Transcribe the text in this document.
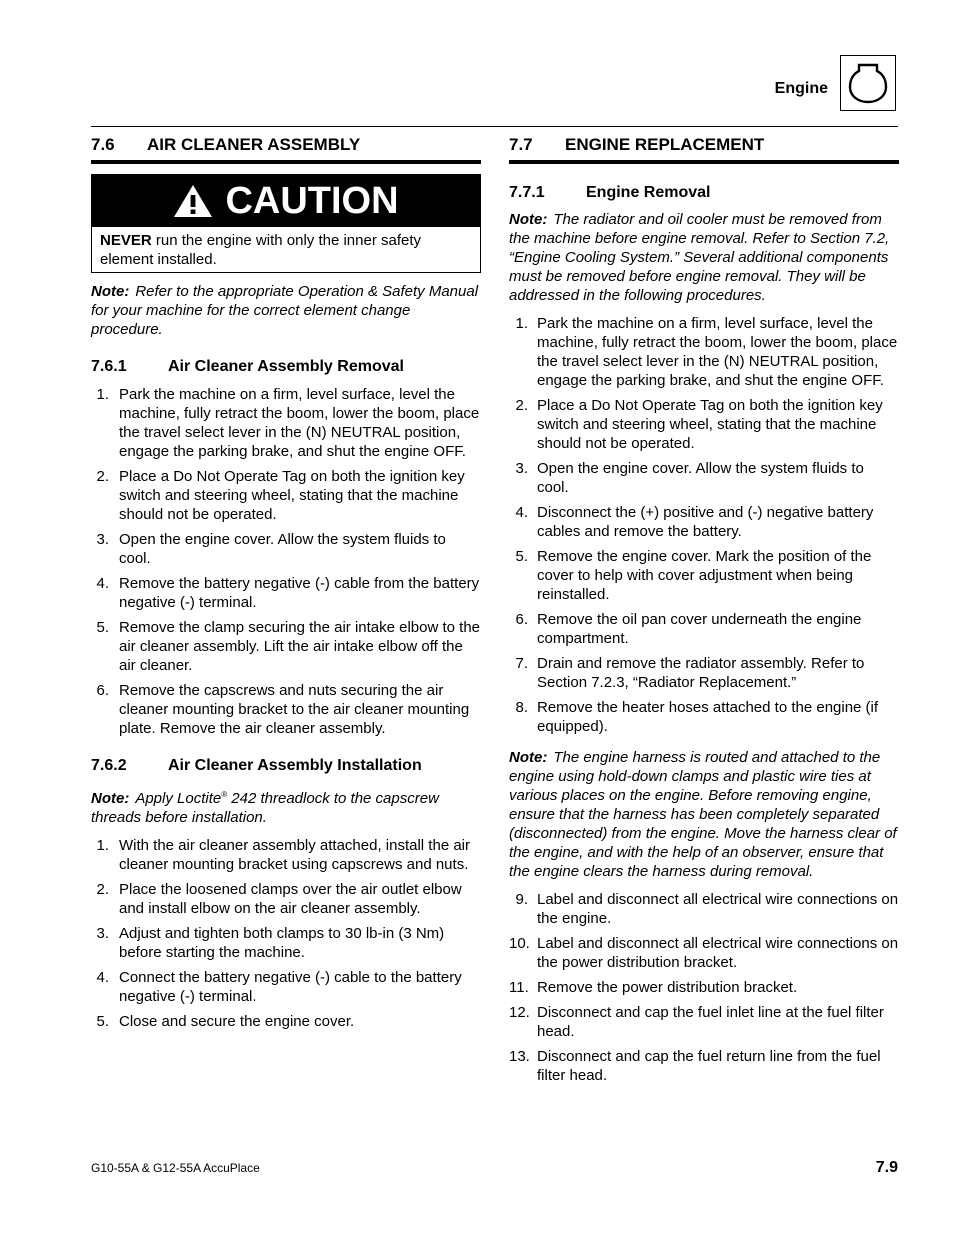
Engine
7.6 AIR CLEANER ASSEMBLY
CAUTION
NEVER run the engine with only the inner safety element installed.
Note: Refer to the appropriate Operation & Safety Manual for your machine for the correct element change procedure.
7.6.1	Air Cleaner Assembly Removal
1. Park the machine on a firm, level surface, level the machine, fully retract the boom, lower the boom, place the travel select lever in the (N) NEUTRAL position, engage the parking brake, and shut the engine OFF.
2. Place a Do Not Operate Tag on both the ignition key switch and steering wheel, stating that the machine should not be operated.
3. Open the engine cover. Allow the system fluids to cool.
4. Remove the battery negative (-) cable from the battery negative (-) terminal.
5. Remove the clamp securing the air intake elbow to the air cleaner assembly. Lift the air intake elbow off the air cleaner.
6. Remove the capscrews and nuts securing the air cleaner mounting bracket to the air cleaner mounting plate. Remove the air cleaner assembly.
7.6.2	Air Cleaner Assembly Installation
Note: Apply Loctite® 242 threadlock to the capscrew threads before installation.
1. With the air cleaner assembly attached, install the air cleaner mounting bracket using capscrews and nuts.
2. Place the loosened clamps over the air outlet elbow and install elbow on the air cleaner assembly.
3. Adjust and tighten both clamps to 30 lb-in (3 Nm) before starting the machine.
4. Connect the battery negative (-) cable to the battery negative (-) terminal.
5. Close and secure the engine cover.
7.7 ENGINE REPLACEMENT
7.7.1	Engine Removal
Note: The radiator and oil cooler must be removed from the machine before engine removal. Refer to Section 7.2, “Engine Cooling System.” Several additional components must be removed before engine removal. They will be addressed in the following procedures.
1. Park the machine on a firm, level surface, level the machine, fully retract the boom, lower the boom, place the travel select lever in the (N) NEUTRAL position, engage the parking brake, and shut the engine OFF.
2. Place a Do Not Operate Tag on both the ignition key switch and steering wheel, stating that the machine should not be operated.
3. Open the engine cover. Allow the system fluids to cool.
4. Disconnect the (+) positive and (-) negative battery cables and remove the battery.
5. Remove the engine cover. Mark the position of the cover to help with cover adjustment when being reinstalled.
6. Remove the oil pan cover underneath the engine compartment.
7. Drain and remove the radiator assembly. Refer to Section 7.2.3, “Radiator Replacement.”
8. Remove the heater hoses attached to the engine (if equipped).
Note: The engine harness is routed and attached to the engine using hold-down clamps and plastic wire ties at various places on the engine. Before removing engine, ensure that the harness has been completely separated (disconnected) from the engine. Move the harness clear of the engine, and with the help of an observer, ensure that the engine clears the harness during removal.
9. Label and disconnect all electrical wire connections on the engine.
10. Label and disconnect all electrical wire connections on the power distribution bracket.
11. Remove the power distribution bracket.
12. Disconnect and cap the fuel inlet line at the fuel filter head.
13. Disconnect and cap the fuel return line from the fuel filter head.
G10-55A & G12-55A AccuPlace	7.9
